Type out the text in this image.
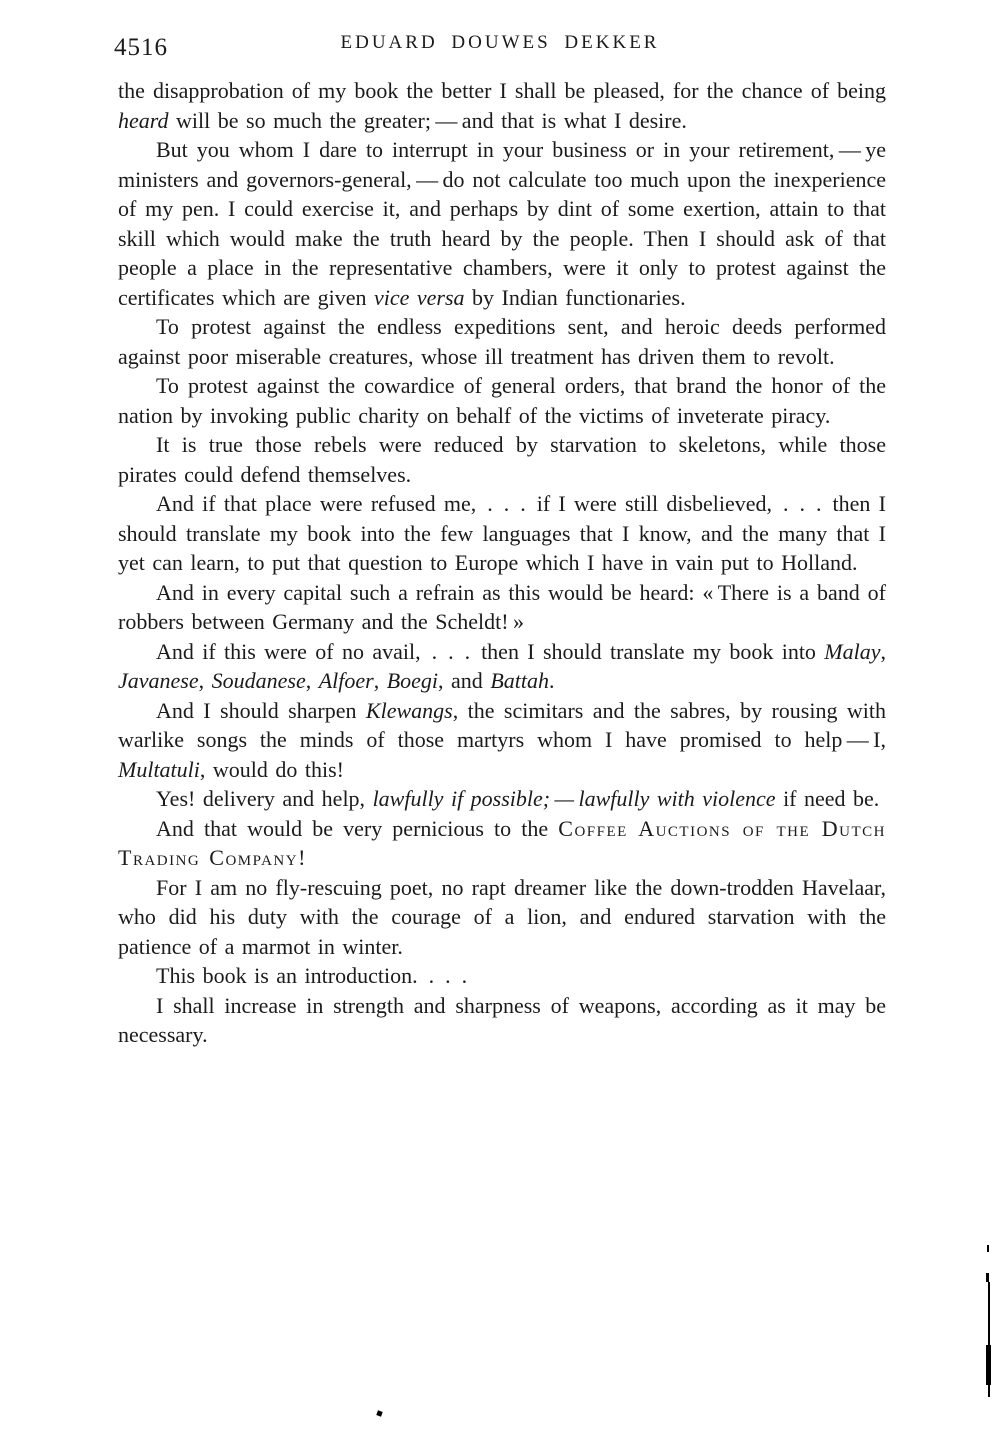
4516	EDUARD DOUWES DEKKER

the disapprobation of my book the better I shall be pleased, for the chance of being heard will be so much the greater; — and that is what I desire.

But you whom I dare to interrupt in your business or in your retirement, — ye ministers and governors-general, — do not calculate too much upon the inexperience of my pen. I could exercise it, and perhaps by dint of some exertion, attain to that skill which would make the truth heard by the people. Then I should ask of that people a place in the representative chambers, were it only to protest against the certificates which are given vice versa by Indian functionaries.

To protest against the endless expeditions sent, and heroic deeds performed against poor miserable creatures, whose ill treatment has driven them to revolt.

To protest against the cowardice of general orders, that brand the honor of the nation by invoking public charity on behalf of the victims of inveterate piracy.

It is true those rebels were reduced by starvation to skeletons, while those pirates could defend themselves.

And if that place were refused me, . . . if I were still disbelieved, . . . then I should translate my book into the few languages that I know, and the many that I yet can learn, to put that question to Europe which I have in vain put to Holland.

And in every capital such a refrain as this would be heard: « There is a band of robbers between Germany and the Scheldt! »

And if this were of no avail, . . . then I should translate my book into Malay, Javanese, Soudanese, Alfoer, Boegi, and Battah.

And I should sharpen Klewangs, the scimitars and the sabres, by rousing with warlike songs the minds of those martyrs whom I have promised to help — I, Multatuli, would do this!

Yes! delivery and help, lawfully if possible; — lawfully with violence if need be.

And that would be very pernicious to the Coffee Auctions of the Dutch Trading Company!

For I am no fly-rescuing poet, no rapt dreamer like the down-trodden Havelaar, who did his duty with the courage of a lion, and endured starvation with the patience of a marmot in winter.

This book is an introduction. . . .

I shall increase in strength and sharpness of weapons, according as it may be necessary.
